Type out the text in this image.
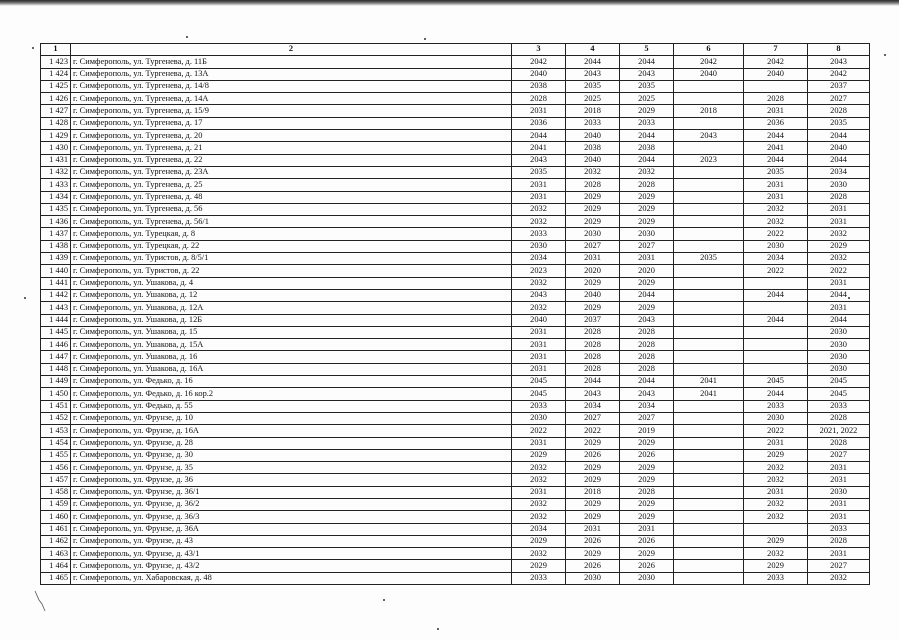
1	2	3	4	5	6	7	8
1 423	г. Симферополь, ул. Тургенева, д. 11Б	2042	2044	2044	2042	2042	2043
1 424	г. Симферополь, ул. Тургенева, д. 13А	2040	2043	2043	2040	2040	2042
1 425	г. Симферополь, ул. Тургенева, д. 14/8	2038	2035	2035			2037
1 426	г. Симферополь, ул. Тургенева, д. 14А	2028	2025	2025		2028	2027
1 427	г. Симферополь, ул. Тургенева, д. 15/9	2031	2018	2029	2018	2031	2028
1 428	г. Симферополь, ул. Тургенева, д. 17	2036	2033	2033		2036	2035
1 429	г. Симферополь, ул. Тургенева, д. 20	2044	2040	2044	2043	2044	2044
1 430	г. Симферополь, ул. Тургенева, д. 21	2041	2038	2038		2041	2040
1 431	г. Симферополь, ул. Тургенева, д. 22	2043	2040	2044	2023	2044	2044
1 432	г. Симферополь, ул. Тургенева, д. 23А	2035	2032	2032		2035	2034
1 433	г. Симферополь, ул. Тургенева, д. 25	2031	2028	2028		2031	2030
1 434	г. Симферополь, ул. Тургенева, д. 48	2031	2029	2029		2031	2028
1 435	г. Симферополь, ул. Тургенева, д. 56	2032	2029	2029		2032	2031
1 436	г. Симферополь, ул. Тургенева, д. 56/1	2032	2029	2029		2032	2031
1 437	г. Симферополь, ул. Турецкая, д. 8	2033	2030	2030		2022	2032
1 438	г. Симферополь, ул. Турецкая, д. 22	2030	2027	2027		2030	2029
1 439	г. Симферополь, ул. Туристов, д. 8/5/1	2034	2031	2031	2035	2034	2032
1 440	г. Симферополь, ул. Туристов, д. 22	2023	2020	2020		2022	2022
1 441	г. Симферополь, ул. Ушакова, д. 4	2032	2029	2029			2031
1 442	г. Симферополь, ул. Ушакова, д. 12	2043	2040	2044		2044	2044
1 443	г. Симферополь, ул. Ушакова, д. 12А	2032	2029	2029			2031
1 444	г. Симферополь, ул. Ушакова, д. 12Б	2040	2037	2043		2044	2044
1 445	г. Симферополь, ул. Ушакова, д. 15	2031	2028	2028			2030
1 446	г. Симферополь, ул. Ушакова, д. 15А	2031	2028	2028			2030
1 447	г. Симферополь, ул. Ушакова, д. 16	2031	2028	2028			2030
1 448	г. Симферополь, ул. Ушакова, д. 16А	2031	2028	2028			2030
1 449	г. Симферополь, ул. Федько, д. 16	2045	2044	2044	2041	2045	2045
1 450	г. Симферополь, ул. Федько, д. 16 кор.2	2045	2043	2043	2041	2044	2045
1 451	г. Симферополь, ул. Федько, д. 55	2033	2034	2034		2033	2033
1 452	г. Симферополь, ул. Фрунзе, д. 10	2030	2027	2027		2030	2028
1 453	г. Симферополь, ул. Фрунзе, д. 16А	2022	2022	2019		2022	2021, 2022
1 454	г. Симферополь, ул. Фрунзе, д. 28	2031	2029	2029		2031	2028
1 455	г. Симферополь, ул. Фрунзе, д. 30	2029	2026	2026		2029	2027
1 456	г. Симферополь, ул. Фрунзе, д. 35	2032	2029	2029		2032	2031
1 457	г. Симферополь, ул. Фрунзе, д. 36	2032	2029	2029		2032	2031
1 458	г. Симферополь, ул. Фрунзе, д. 36/1	2031	2018	2028		2031	2030
1 459	г. Симферополь, ул. Фрунзе, д. 36/2	2032	2029	2029		2032	2031
1 460	г. Симферополь, ул. Фрунзе, д. 36/3	2032	2029	2029		2032	2031
1 461	г. Симферополь, ул. Фрунзе, д. 36А	2034	2031	2031			2033
1 462	г. Симферополь, ул. Фрунзе, д. 43	2029	2026	2026		2029	2028
1 463	г. Симферополь, ул. Фрунзе, д. 43/1	2032	2029	2029		2032	2031
1 464	г. Симферополь, ул. Фрунзе, д. 43/2	2029	2026	2026		2029	2027
1 465	г. Симферополь, ул. Хабаровская, д. 48	2033	2030	2030		2033	2032
